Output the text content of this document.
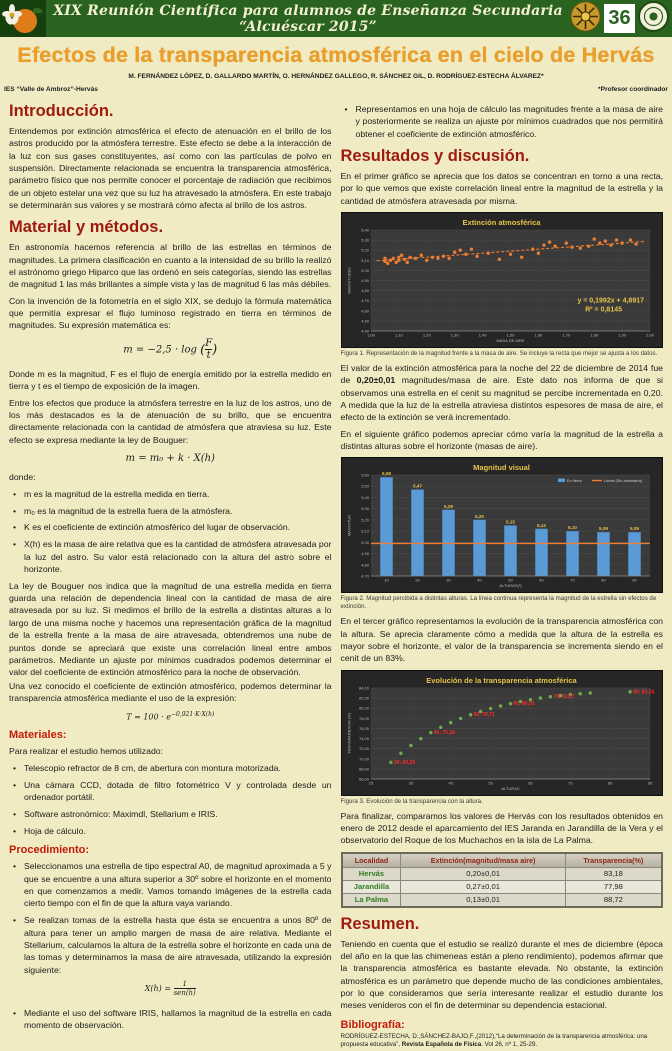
XIX Reunión Científica para alumnos de Enseñanza Secundaria “Alcuéscar 2015”	36
Efectos de la transparencia atmosférica en el cielo de Hervás
M. FERNÁNDEZ LÓPEZ, D. GALLARDO MARTÍN, O. HERNÁNDEZ GALLEGO, R. SÁNCHEZ GIL, D. RODRÍGUEZ-ESTECHA ÁLVAREZ*
IES “Valle de Ambroz”-Hervás	*Profesor coordinador
Introducción.

Entendemos por extinción atmosférica el efecto de atenuación en el brillo de los astros producido por la atmósfera terrestre. Este efecto se debe a la interacción de la luz con sus gases constituyentes, así como con las partículas de polvo en suspensión. Directamente relacionada se encuentra la transparencia atmosférica, parámetro físico que nos permite conocer el porcentaje de radiación que recibimos de un objeto estelar una vez que su luz ha atravesado la atmósfera. En este trabajo se determinarán sus valores y se mostrará cómo afecta al brillo de los astros.

Material y métodos.

En astronomía hacemos referencia al brillo de las estrellas en términos de magnitudes. La primera clasificación en cuanto a la intensidad de su brillo la realizó el astrónomo griego Hiparco que las ordenó en seis categorías, siendo las estrellas de magnitud 1 las más brillantes a simple vista y las de magnitud 6 las más débiles.

Con la invención de la fotometría en el siglo XIX, se dedujo la fórmula matemática que permitía expresar el flujo luminoso registrado en tierra en términos de magnitudes. Su expresión matemática es:

$m = -2,5 \cdot \log (\frac{F}{t}$ )

Donde m es la magnitud, F es el flujo de energía emitido por la estrella medido en tierra y t es el tiempo de exposición de la imagen.

Entre los efectos que produce la atmósfera terrestre en la luz de los astros, uno de los más destacados es la de atenuación de su brillo, que se encuentra directamente relacionada con la cantidad de atmósfera que atraviesa su luz. Este efecto se expresa mediante la ley de Bouguer:

m = m₀ + k · X(h)

donde:

• m es la magnitud de la estrella medida en tierra.
• m₀ es la magnitud de la estrella fuera de la atmósfera.
• K es el coeficiente de extinción atmosférico del lugar de observación.
• X(h) es la masa de aire relativa que es la cantidad de atmósfera atravesada por la luz del astro. Su valor está relacionado con la altura del astro sobre el horizonte.

La ley de Bouguer nos indica que la magnitud de una estrella medida en tierra guarda una relación de dependencia lineal con la cantidad de masa de aire atravesada por su luz. Si medimos el brillo de la estrella a distintas alturas a lo largo de una misma noche y hacemos una representación gráfica de la magnitud de la estrella frente a la masa de aire atravesada, obtendremos una nube de puntos donde se apreciará que existe una correlación lineal entre ambos parámetros. Mediante un ajuste por mínimos cuadrados podemos determinar el valor del coeficiente de extinción atmosférico para la noche de observación.

Una vez conocido el coeficiente de extinción atmosférico, podemos determinar la transparencia atmosférica mediante el uso de la expresión:

$T = 100 \cdot e^{-0,921\cdot K\cdot X(h)}$
Materiales:

Para realizar el estudio hemos utilizado:

• Telescopio refractor de 8 cm, de abertura con montura motorizada.
• Una cámara CCD, dotada de filtro fotométrico V y controlada desde un ordenador portátil.
• Software astronómico: Maximdl, Stellarium e IRIS.
• Hoja de cálculo.
Procedimiento:
• Seleccionamos una estrella de tipo espectral A0, de magnitud aproximada a 5 y que se encuentre a una altura superior a 30º sobre el horizonte en el momento en que comenzamos a medir. Vamos tomando imágenes de la estrella cada cierto tiempo con el fin de que la altura vaya variando.
• Se realizan tomas de la estrella hasta que ésta se encuentra a unos 80º de altura para tener un amplio margen de masa de aire relativa. Mediante el Stellarium, calculamos la altura de la estrella sobre el horizonte en cada una de las tomas y determinamos la masa de aire atravesada, utilizando la expresión siguiente:
$X(h) = \frac{1}{\text{sen(h)}}$
• Mediante el uso del software IRIS, hallamos la magnitud de la estrella en cada momento de observación.
• Representamos en una hoja de cálculo las magnitudes frente a la masa de aire y posteriormente se realiza un ajuste por mínimos cuadrados que nos permitirá obtener el coeficiente de extinción atmosférico.
Resultados y discusión.

En el primer gráfico se aprecia que los datos se concentran en torno a una recta, por lo que vemos que existe correlación lineal entre la magnitud de la estrella y la cantidad de atmósfera atravesada por misma.

4,40
4,50
4,60
4,70
4,80
4,90
5,00
5,10
5,20
5,30
5,40
1,00	1,10	1,20	1,30	1,40	1,50	1,60	1,70	1,80	1,90	2,00
y = 0,1992x + 4,8917
R² = 0,8145
Extinción atmosférica
MASA DE AIRE
MAGNITUDES
Figura 1. Representación de la magnitud frente a la masa de aire. Se incluye la recta que mejor se ajusta a los datos.

El valor de la extinción atmosférica para la noche del 22 de diciembre de 2014 fue de 0,20±0,01 magnitudes/masa de aire. Este dato nos informa de que si observamos una estrella en el cenit su magnitud se percibe incrementada en 0,20. A medida que la luz de la estrella atraviesa distintos espesores de masa de aire, el efecto de la extinción se verá incrementado.

En el siguiente gráfico podemos apreciar cómo varía la magnitud de la estrella a distintas alturas sobre el horizonte (masas de aire).

4,70
4,80
4,90
5,00
5,10
5,20
5,30
5,40
5,50
5,60
10
5,58
20
5,47
30
5,29
40
5,20
50
5,15
60
5,12
70
5,10
80
5,09
90
5,09
En tierra	Lineal (Sin atmósfera)
Magnitud visual
ALTURAS(º)
MAGNITUD
Figura 2. Magnitud percibida a distintas alturas. La línea continua representa la magnitud de la estrella sin efectos de extinción.

En el tercer gráfico representamos la evolución de la transparencia atmosférica con la altura. Se aprecia claramente cómo a medida que la altura de la estrella es mayor sobre el horizonte, el valor de la transparencia se incrementa siendo en el cenit de un 83%.

66,00
68,00
70,00
72,00
74,00
76,00
78,00
80,00
82,00
84,00
25	35	45	55	65	75	85	95
30; 69,29
40; 75,18
50; 78,71
60; 80,91
70; 82,27
90; 83,24
Evolución de la transparencia atmosférica
ALTURAS
TRANSPARENCIA (%)
Figura 3. Evolución de la transparencia con la altura.

Para finalizar, comparamos los valores de Hervás con los resultados obtenidos en enero de 2012 desde el aparcamiento del IES Jaranda en Jarandilla de la Vera y el observatorio del Roque de los Muchachos en la isla de La Palma.

Localidad	Extinción(magnitud/masa aire)	Transparencia(%)
Hervás	0,20±0,01	83,18
Jarandilla	0,27±0,01	77,98
La Palma	0,13±0,01	88,72
Resumen.

Teniendo en cuenta que el estudio se realizó durante el mes de diciembre (época del año en la que las chimeneas están a pleno rendimiento), podemos afirmar que la transparencia atmosférica es bastante elevada. No obstante, la extinción atmosférica es un parámetro que depende mucho de las condiciones ambientales, por lo que consideramos que sería interesante realizar el estudio durante los meses venideros con el fin de determinar su dependencia estacional.

Bibliografía:

RODRÍGUEZ-ESTECHA, D.,SÁNCHEZ-BAJO,F.,(2012),“La determinación de la transparencia atmosférica: una propuesta educativa”, Revista Española de Física. Vol 26, nº 1, 25-29.
